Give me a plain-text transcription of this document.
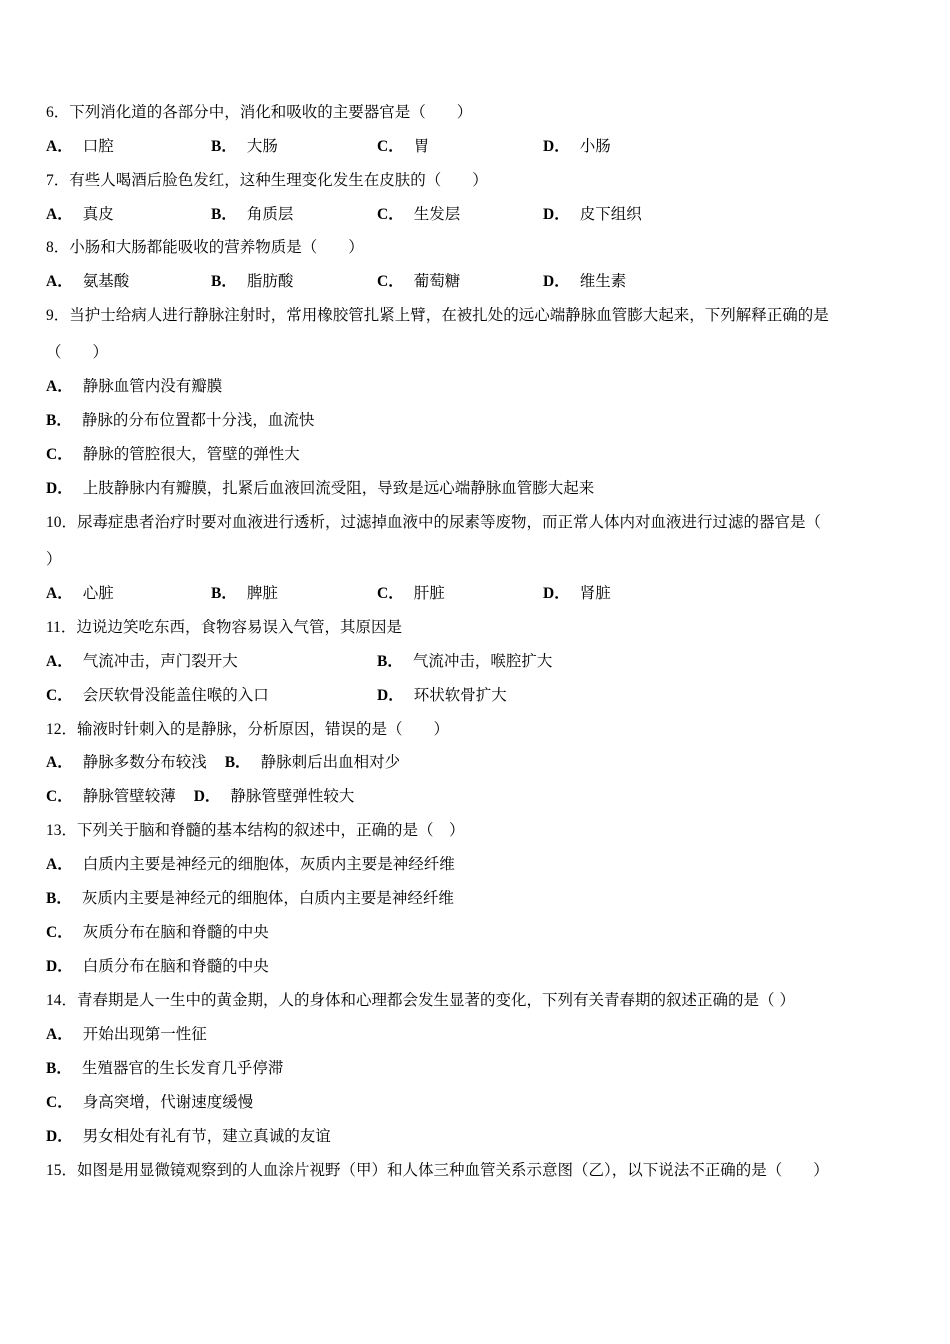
6．下列消化道的各部分中，消化和吸收的主要器官是（　　）
A． 口腔	B． 大肠	C． 胃	D． 小肠
7．有些人喝酒后脸色发红，这种生理变化发生在皮肤的（　　）
A． 真皮	B． 角质层	C． 生发层	D． 皮下组织
8．小肠和大肠都能吸收的营养物质是（　　）
A． 氨基酸	B． 脂肪酸	C． 葡萄糖	D． 维生素
9．当护士给病人进行静脉注射时，常用橡胶管扎紧上臂，在被扎处的远心端静脉血管膨大起来，下列解释正确的是
（　　）
A． 静脉血管内没有瓣膜
B． 静脉的分布位置都十分浅，血流快
C． 静脉的管腔很大，管壁的弹性大
D． 上肢静脉内有瓣膜，扎紧后血液回流受阻，导致是远心端静脉血管膨大起来
10．尿毒症患者治疗时要对血液进行透析，过滤掉血液中的尿素等废物，而正常人体内对血液进行过滤的器官是（
）
A． 心脏	B． 脾脏	C． 肝脏	D． 肾脏
11．边说边笑吃东西，食物容易误入气管，其原因是
A． 气流冲击，声门裂开大	B． 气流冲击，喉腔扩大
C． 会厌软骨没能盖住喉的入口	D． 环状软骨扩大
12．输液时针刺入的是静脉，分析原因，错误的是（　　）
A． 静脉多数分布较浅 B． 静脉刺后出血相对少
C． 静脉管壁较薄 D． 静脉管壁弹性较大
13．下列关于脑和脊髓的基本结构的叙述中，正确的是（　）
A． 白质内主要是神经元的细胞体，灰质内主要是神经纤维
B． 灰质内主要是神经元的细胞体，白质内主要是神经纤维
C． 灰质分布在脑和脊髓的中央
D． 白质分布在脑和脊髓的中央
14．青春期是人一生中的黄金期，人的身体和心理都会发生显著的变化，下列有关青春期的叙述正确的是（ ）
A． 开始出现第一性征
B． 生殖器官的生长发育几乎停滞
C． 身高突增，代谢速度缓慢
D． 男女相处有礼有节，建立真诚的友谊
15．如图是用显微镜观察到的人血涂片视野（甲）和人体三种血管关系示意图（乙），以下说法不正确的是（　　）
